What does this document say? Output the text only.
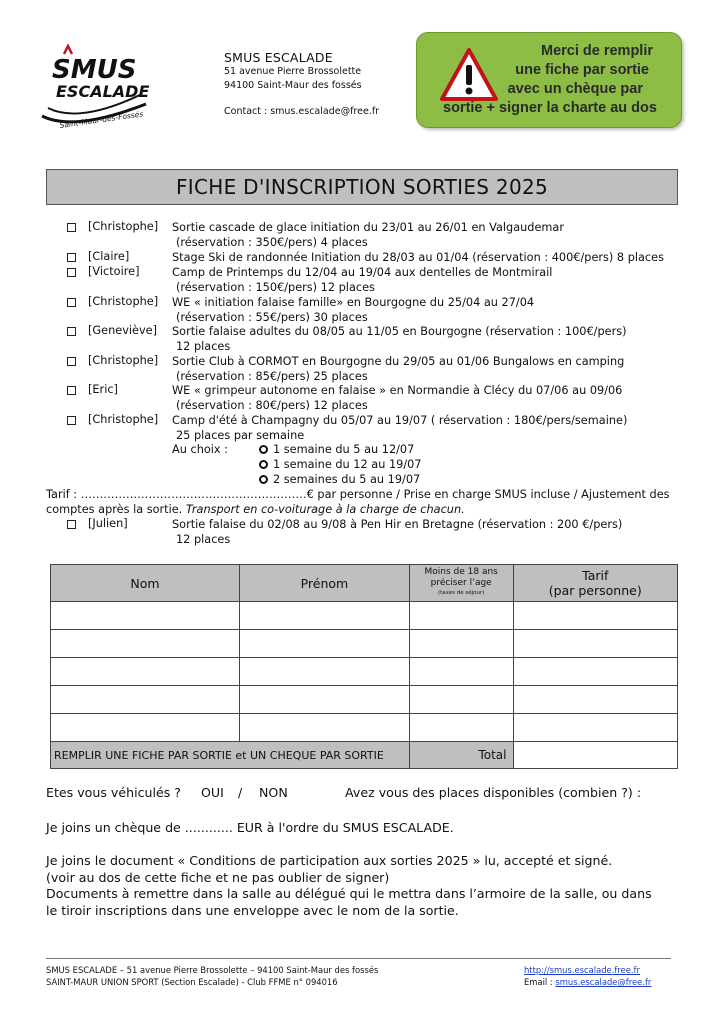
SMUS
ESCALADE
Saint-Maur-des-Fossés
SMUS ESCALADE
51 avenue Pierre Brossolette
94100 Saint-Maur des fossés
Contact : smus.escalade@free.fr
Merci de remplir
une fiche par sortie
avec un chèque par
sortie + signer la charte au dos
FICHE D'INSCRIPTION SORTIES 2025
[Christophe] Sortie cascade de glace initiation du 23/01 au 26/01 en Valgaudemar
(réservation : 350€/pers) 4 places
[Claire]	Stage Ski de randonnée Initiation du 28/03 au 01/04 (réservation : 400€/pers) 8 places
[Victoire]	Camp de Printemps du 12/04 au 19/04 aux dentelles de Montmirail
(réservation : 150€/pers) 12 places
[Christophe] WE « initiation falaise famille» en Bourgogne du 25/04 au 27/04
(réservation : 55€/pers) 30 places
[Geneviève] Sortie falaise adultes du 08/05 au 11/05 en Bourgogne (réservation : 100€/pers)
12 places
[Christophe] Sortie Club à CORMOT en Bourgogne du 29/05 au 01/06 Bungalows en camping
(réservation : 85€/pers) 25 places
[Eric]	WE « grimpeur autonome en falaise » en Normandie à Clécy du 07/06 au 09/06
(réservation : 80€/pers) 12 places
[Christophe] Camp d'été à Champagny du 05/07 au 19/07 ( réservation : 180€/pers/semaine)
25 places par semaine
Au choix :	1 semaine du 5 au 12/07
1 semaine du 12 au 19/07
2 semaines du 5 au 19/07
Tarif : ……………………………………………………€ par personne / Prise en charge SMUS incluse / Ajustement des
comptes après la sortie. Transport en co-voiturage à la charge de chacun.
[Julien]	Sortie falaise du 02/08 au 9/08 à Pen Hir en Bretagne (réservation : 200 €/pers)
12 places
Nom	Prénom	Moins de 18 ans
préciser l’age
(taxes de séjour)	Tarif
(par personne)

REMPLIR UNE FICHE PAR SORTIE et UN CHEQUE PAR SORTIE		Total	
Etes vous véhiculés ? OUI / NON	Avez vous des places disponibles (combien ?) :
Je joins un chèque de ............ EUR à l'ordre du SMUS ESCALADE.
Je joins le document « Conditions de participation aux sorties 2025 » lu, accepté et signé.
(voir au dos de cette fiche et ne pas oublier de signer)
Documents à remettre dans la salle au délégué qui le mettra dans l’armoire de la salle, ou dans
le tiroir inscriptions dans une enveloppe avec le nom de la sortie.
SMUS ESCALADE – 51 avenue Pierre Brossolette – 94100 Saint-Maur des fossés
SAINT-MAUR UNION SPORT (Section Escalade) - Club FFME n° 094016
http://smus.escalade.free.fr
Email : smus.escalade@free.fr
